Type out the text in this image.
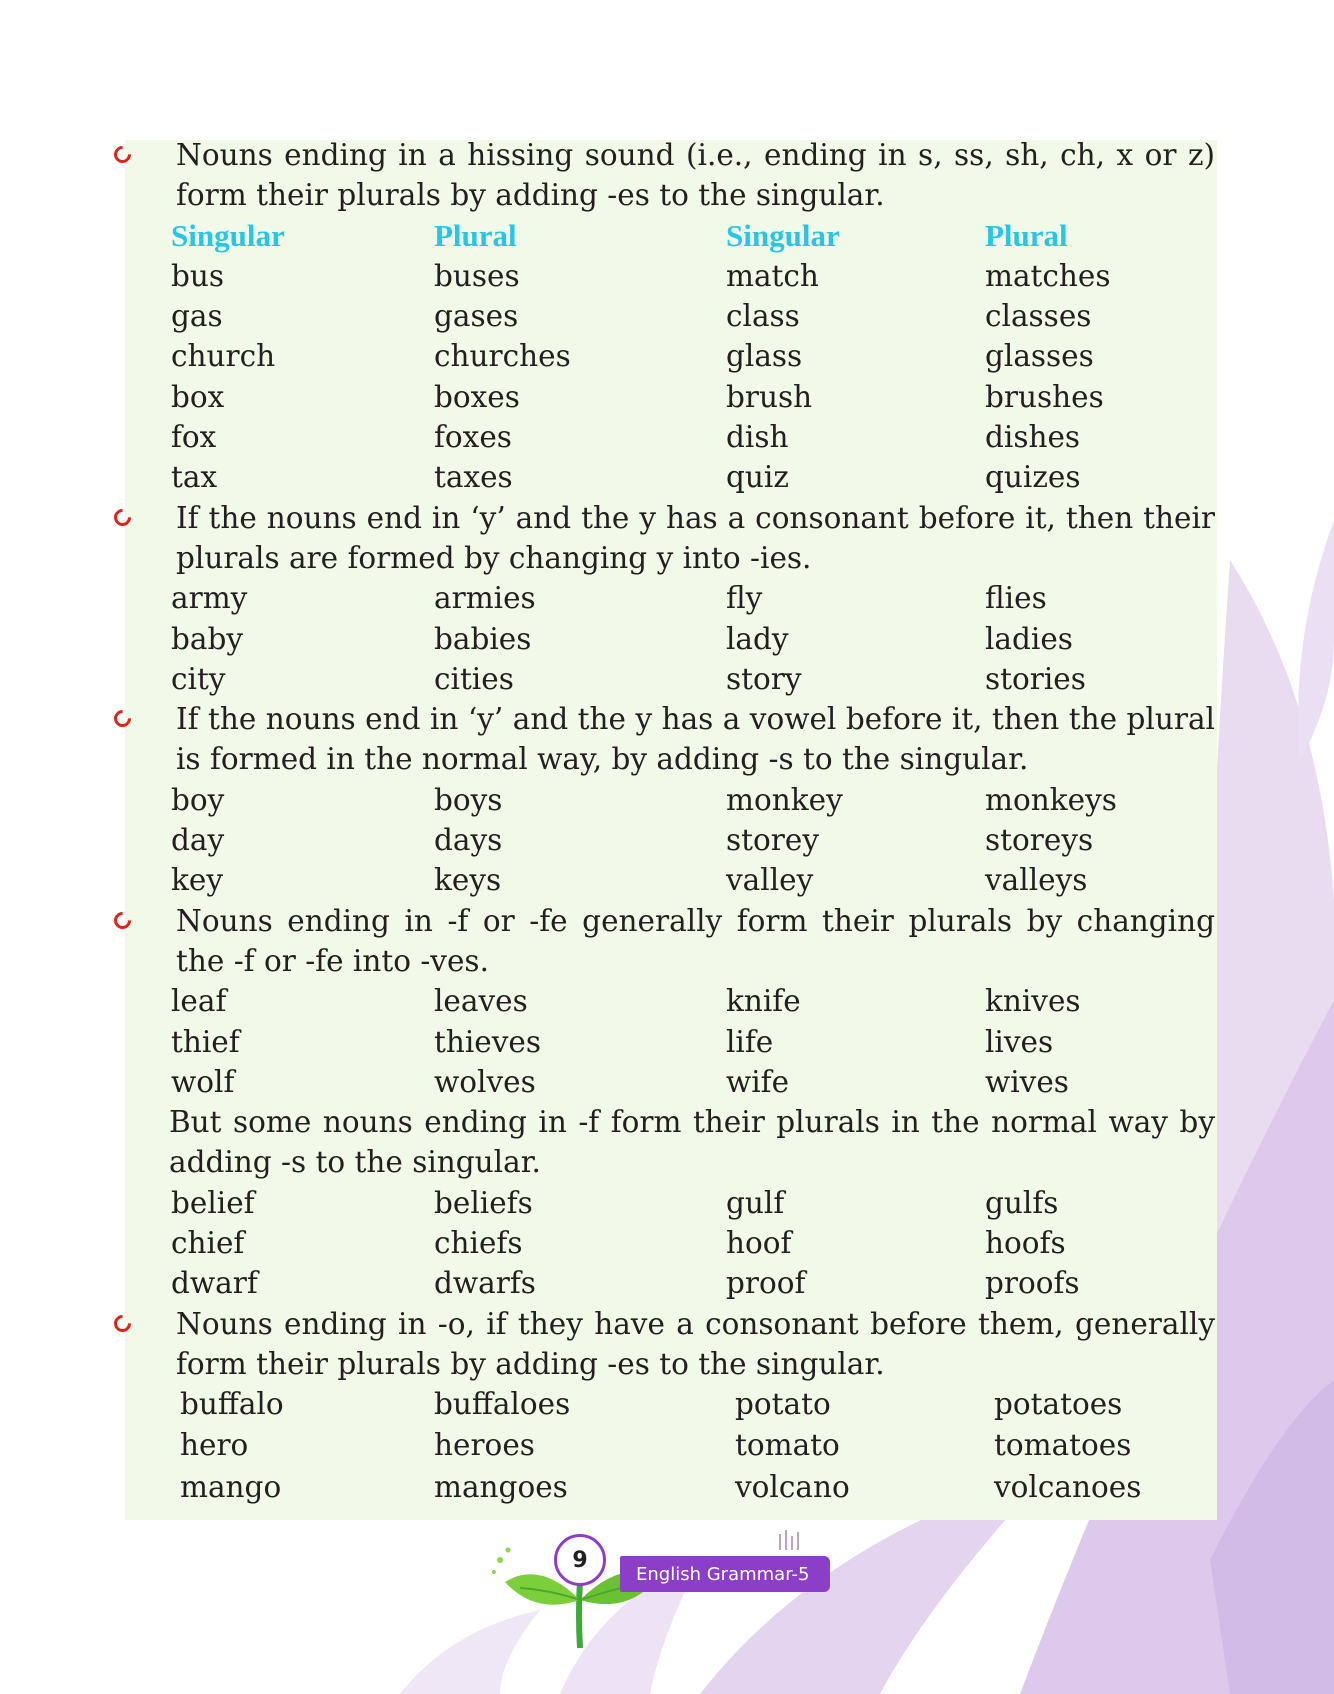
Nouns ending in a hissing sound (i.e., ending in s, ss, sh, ch, x or z) form their plurals by adding -es to the singular.
Singular	Plural	Singular	Plural
bus	buses	match	matches
gas	gases	class	classes
church	churches	glass	glasses
box	boxes	brush	brushes
fox	foxes	dish	dishes
tax	taxes	quiz	quizes
If the nouns end in ‘y’ and the y has a consonant before it, then their plurals are formed by changing y into -ies.
army	armies	fly	flies
baby	babies	lady	ladies
city	cities	story	stories
If the nouns end in ‘y’ and the y has a vowel before it, then the plural is formed in the normal way, by adding -s to the singular.
boy	boys	monkey	monkeys
day	days	storey	storeys
key	keys	valley	valleys
Nouns ending in -f or -fe generally form their plurals by changing the -f or -fe into -ves.
leaf	leaves	knife	knives
thief	thieves	life	lives
wolf	wolves	wife	wives
But some nouns ending in -f form their plurals in the normal way by adding -s to the singular.
belief	beliefs	gulf	gulfs
chief	chiefs	hoof	hoofs
dwarf	dwarfs	proof	proofs
Nouns ending in -o, if they have a consonant before them, generally form their plurals by adding -es to the singular.
buffalo	buffaloes	potato	potatoes
hero	heroes	tomato	tomatoes
mango	mangoes	volcano	volcanoes
9
English Grammar-5
